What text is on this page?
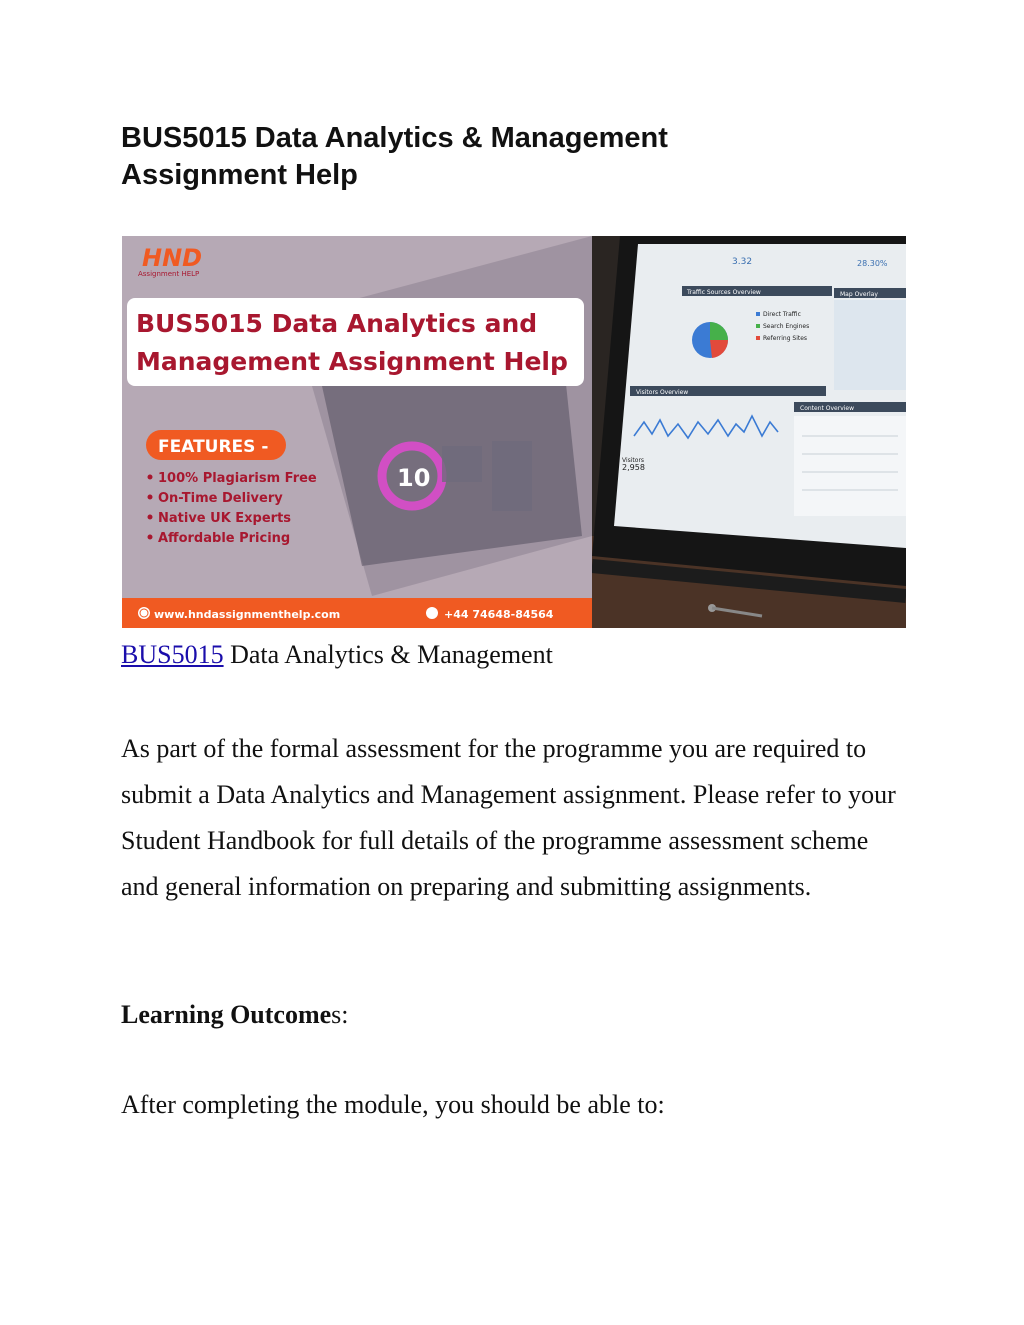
BUS5015 Data Analytics & Management
Assignment Help
3.32	28.30%
Traffic Sources Overview	Map Overlay
Direct Traffic
Search Engines
Referring Sites
Visitors Overview
Visitors
2,958
Content Overview
10
HND
Assignment HELP
BUS5015 Data Analytics and
Management Assignment Help
FEATURES -
100% Plagiarism Free
On-Time Delivery
Native UK Experts
Affordable Pricing
www.hndassignmenthelp.com	+44 74648-84564
BUS5015 Data Analytics & Management

As part of the formal assessment for the programme you are required to submit a Data Analytics and Management assignment. Please refer to your Student Handbook for full details of the programme assessment scheme and general information on preparing and submitting assignments.

Learning Outcomes:

After completing the module, you should be able to:
